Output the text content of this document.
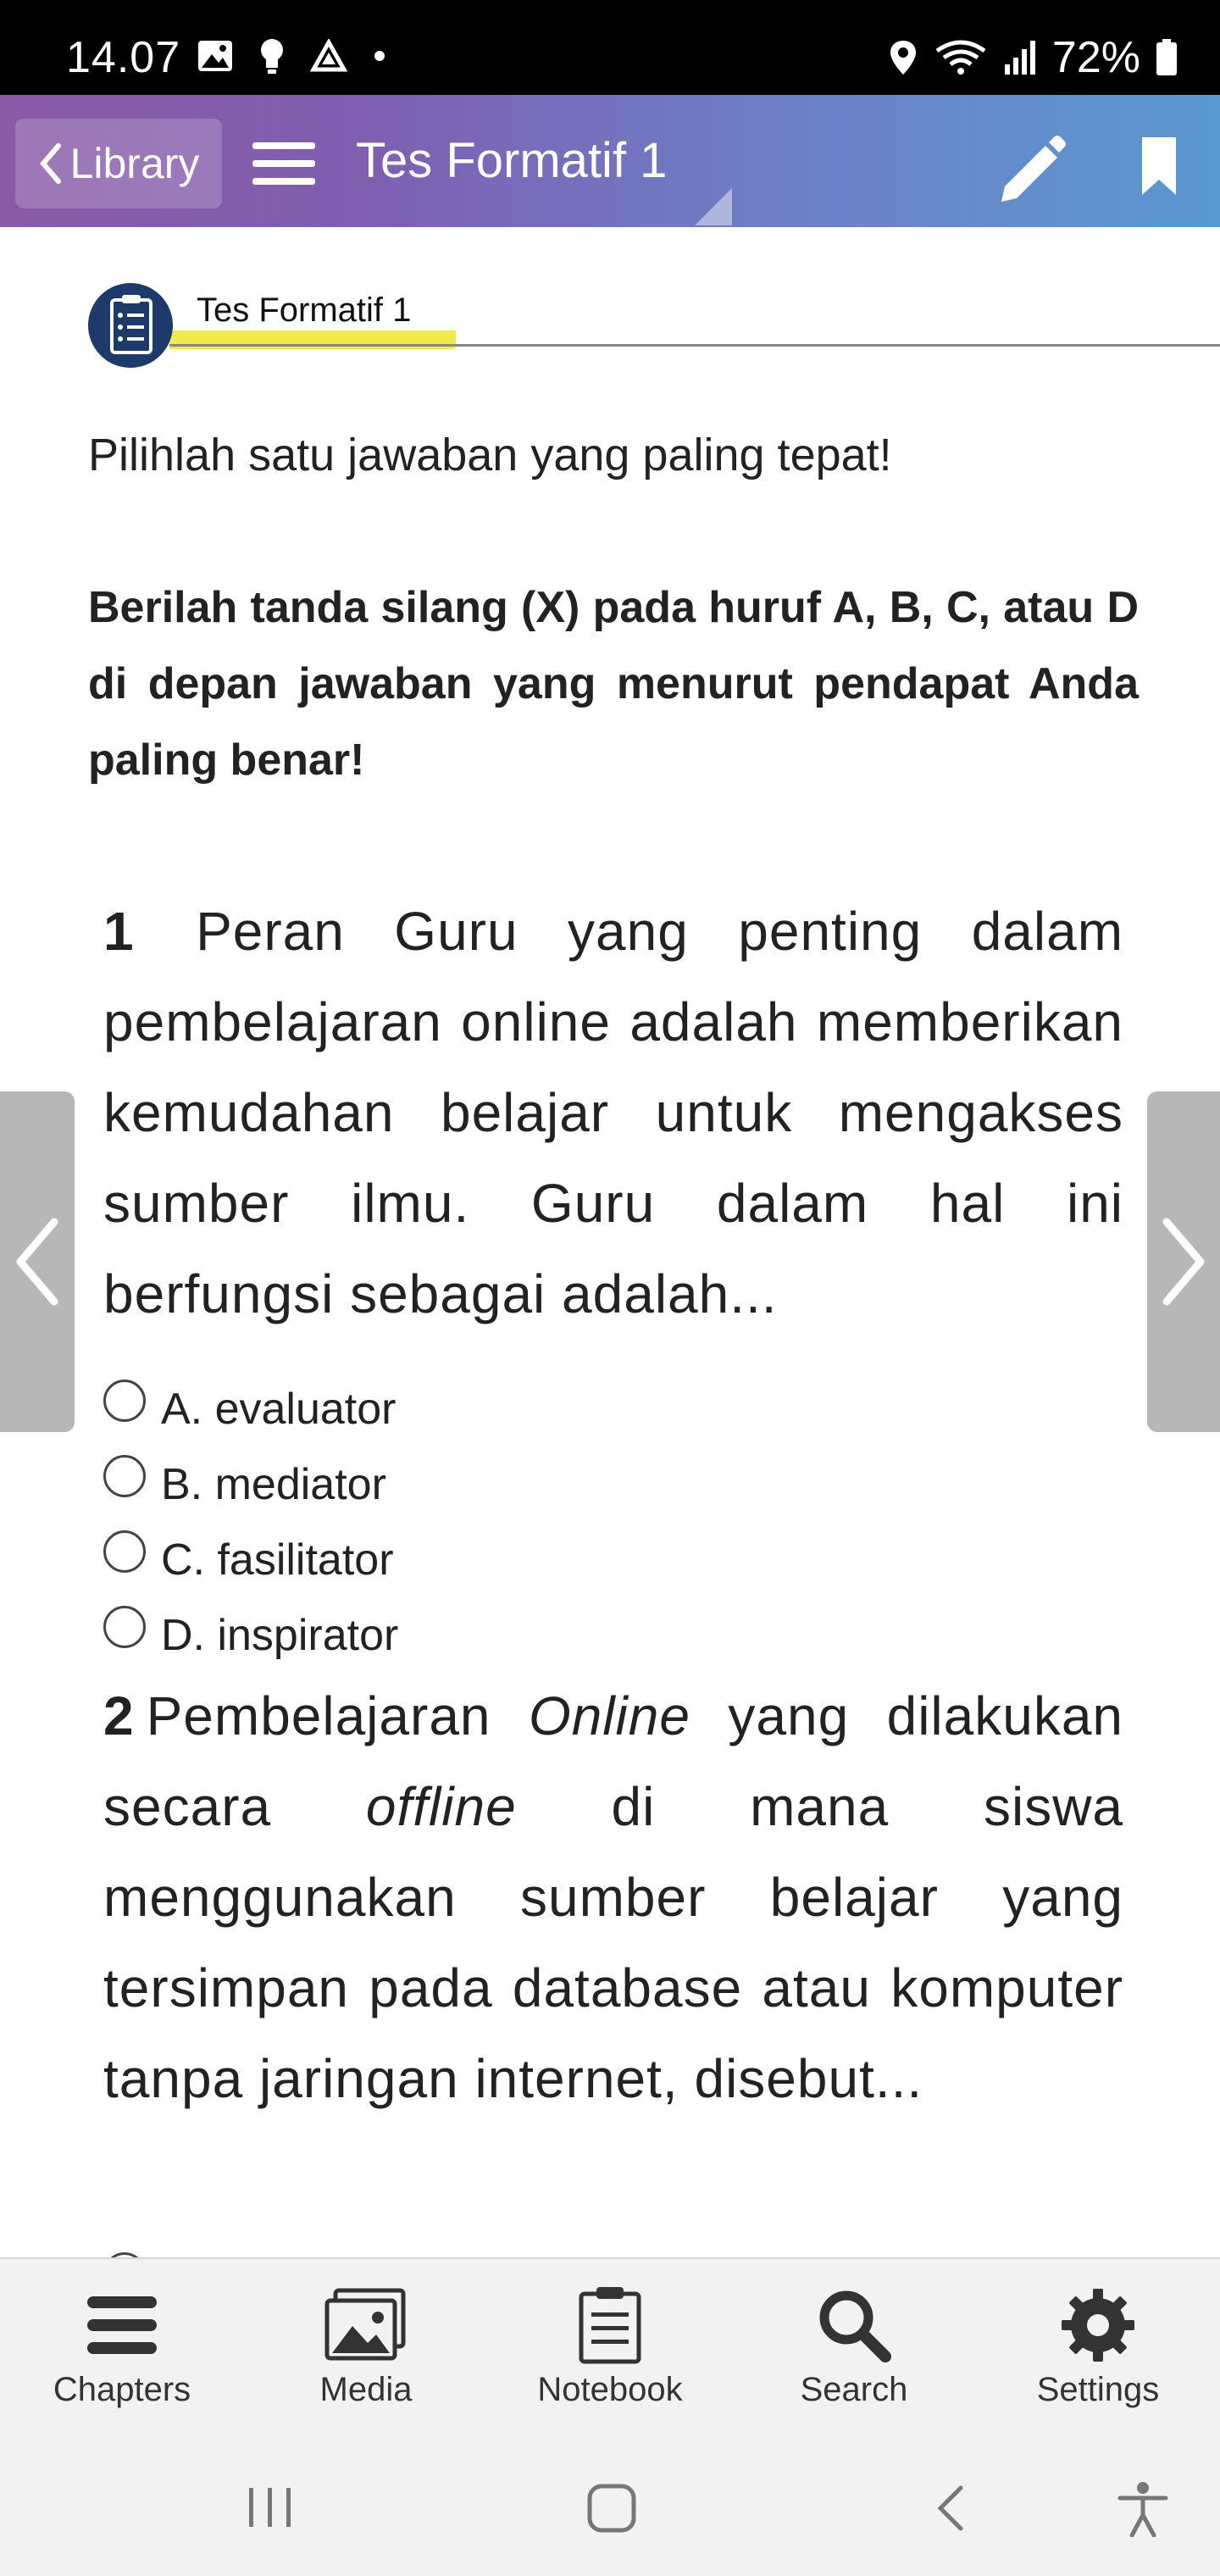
14.07	72%
Library	Tes Formatif 1
Tes Formatif 1
Pilihlah satu jawaban yang paling tepat!
Berilah tanda silang (X) pada huruf A, B, C, atau D di depan jawaban yang menurut pendapat Anda paling benar!
1 Peran Guru yang penting dalam pembelajaran online adalah memberikan kemudahan belajar untuk mengakses sumber ilmu. Guru dalam hal ini berfungsi sebagai adalah...
A. evaluator
B. mediator
C. fasilitator
D. inspirator
2 Pembelajaran Online yang dilakukan secara offline di mana siswa menggunakan sumber belajar yang tersimpan pada database atau komputer tanpa jaringan internet, disebut...
Chapters	Media	Notebook	Search	Settings
